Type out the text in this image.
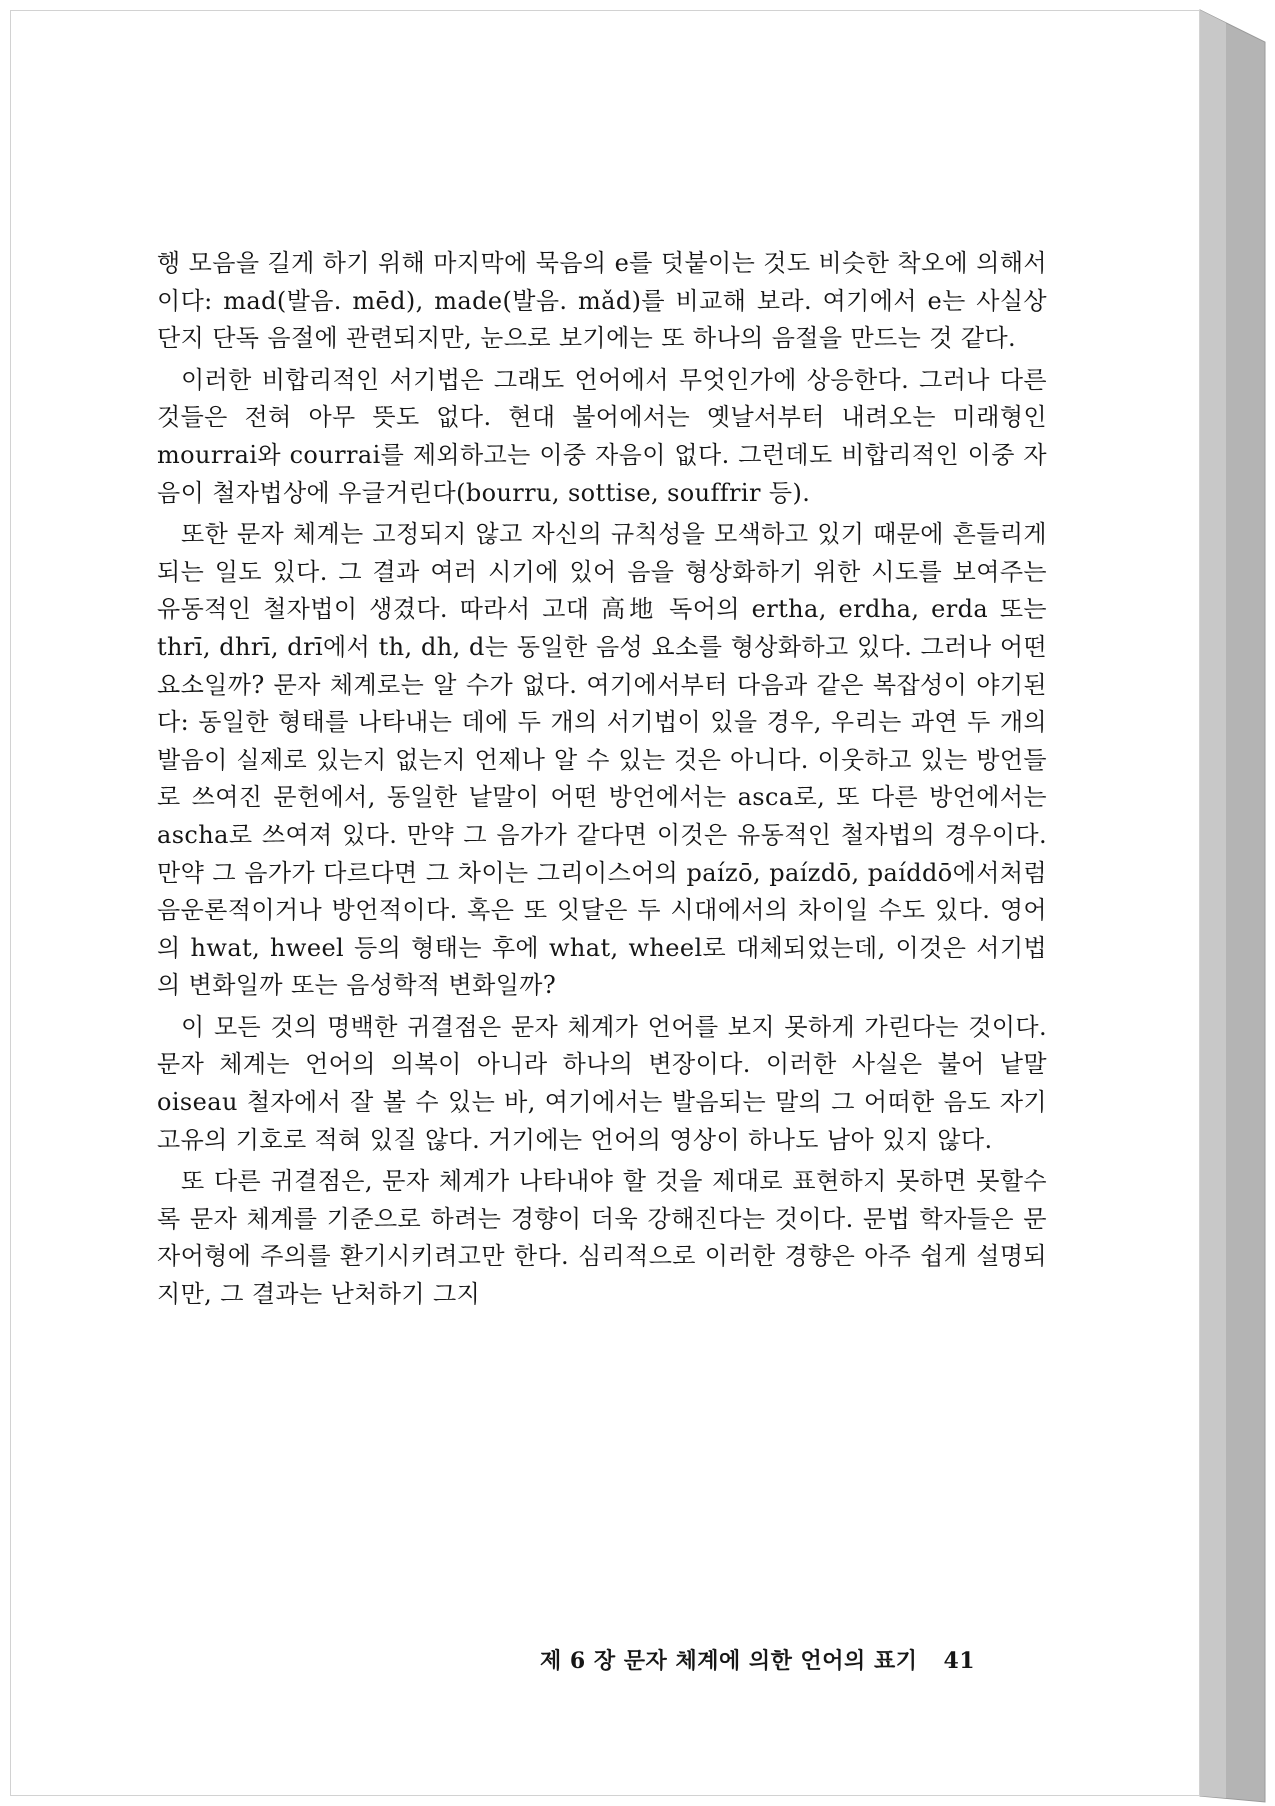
행 모음을 길게 하기 위해 마지막에 묵음의 e를 덧붙이는 것도 비슷한 착오에 의해서이다: mad(발음. mēd), made(발음. mǎd)를 비교해 보라. 여기에서 e는 사실상 단지 단독 음절에 관련되지만, 눈으로 보기에는 또 하나의 음절을 만드는 것 같다.

이러한 비합리적인 서기법은 그래도 언어에서 무엇인가에 상응한다. 그러나 다른 것들은 전혀 아무 뜻도 없다. 현대 불어에서는 옛날서부터 내려오는 미래형인 mourrai와 courrai를 제외하고는 이중 자음이 없다. 그런데도 비합리적인 이중 자음이 철자법상에 우글거린다(bourru, sottise, souffrir 등).

또한 문자 체계는 고정되지 않고 자신의 규칙성을 모색하고 있기 때문에 흔들리게 되는 일도 있다. 그 결과 여러 시기에 있어 음을 형상화하기 위한 시도를 보여주는 유동적인 철자법이 생겼다. 따라서 고대 高地 독어의 ertha, erdha, erda 또는 thrī, dhrī, drī에서 th, dh, d는 동일한 음성 요소를 형상화하고 있다. 그러나 어떤 요소일까? 문자 체계로는 알 수가 없다. 여기에서부터 다음과 같은 복잡성이 야기된다: 동일한 형태를 나타내는 데에 두 개의 서기법이 있을 경우, 우리는 과연 두 개의 발음이 실제로 있는지 없는지 언제나 알 수 있는 것은 아니다. 이웃하고 있는 방언들로 쓰여진 문헌에서, 동일한 낱말이 어떤 방언에서는 asca로, 또 다른 방언에서는 ascha로 쓰여져 있다. 만약 그 음가가 같다면 이것은 유동적인 철자법의 경우이다. 만약 그 음가가 다르다면 그 차이는 그리이스어의 paízō, paízdō, paíddō에서처럼 음운론적이거나 방언적이다. 혹은 또 잇달은 두 시대에서의 차이일 수도 있다. 영어의 hwat, hweel 등의 형태는 후에 what, wheel로 대체되었는데, 이것은 서기법의 변화일까 또는 음성학적 변화일까?

이 모든 것의 명백한 귀결점은 문자 체계가 언어를 보지 못하게 가린다는 것이다. 문자 체계는 언어의 의복이 아니라 하나의 변장이다. 이러한 사실은 불어 낱말 oiseau 철자에서 잘 볼 수 있는 바, 여기에서는 발음되는 말의 그 어떠한 음도 자기 고유의 기호로 적혀 있질 않다. 거기에는 언어의 영상이 하나도 남아 있지 않다.

또 다른 귀결점은, 문자 체계가 나타내야 할 것을 제대로 표현하지 못하면 못할수록 문자 체계를 기준으로 하려는 경향이 더욱 강해진다는 것이다. 문법 학자들은 문자어형에 주의를 환기시키려고만 한다. 심리적으로 이러한 경향은 아주 쉽게 설명되지만, 그 결과는 난처하기 그지

제 6 장 문자 체계에 의한 언어의 표기 41
